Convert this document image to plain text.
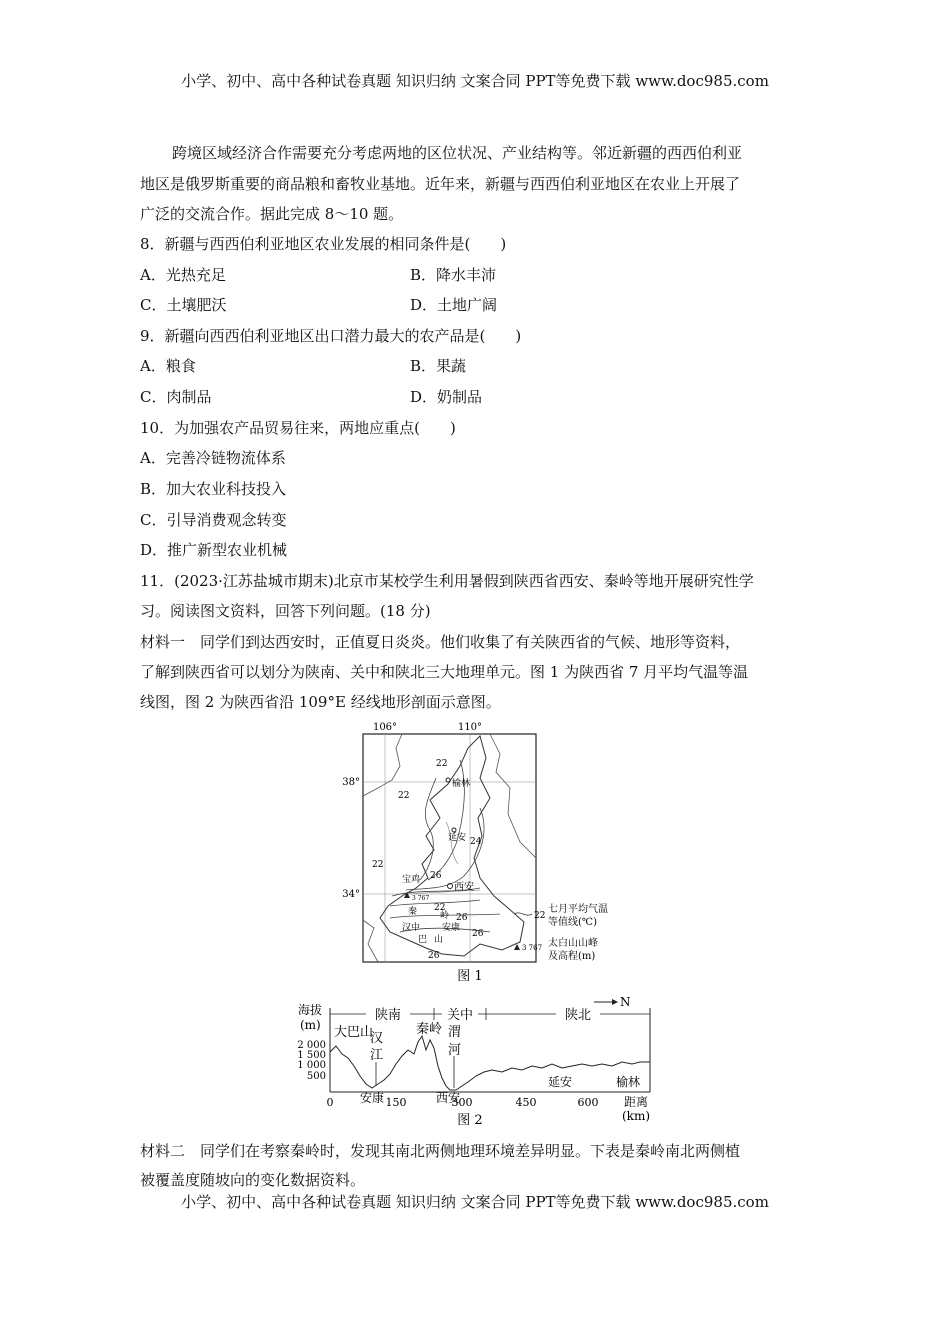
小学、初中、高中各种试卷真题 知识归纳 文案合同 PPT等免费下载 www.doc985.com
跨境区域经济合作需要充分考虑两地的区位状况、产业结构等。邻近新疆的西西伯利亚
地区是俄罗斯重要的商品粮和畜牧业基地。近年来，新疆与西西伯利亚地区在农业上开展了
广泛的交流合作。据此完成 8～10 题。
8．新疆与西西伯利亚地区农业发展的相同条件是(　　)
A．光热充足	B．降水丰沛
C．土壤肥沃	D．土地广阔
9．新疆向西西伯利亚地区出口潜力最大的农产品是(　　)
A．粮食	B．果蔬
C．肉制品	D．奶制品
10．为加强农产品贸易往来，两地应重点(　　)
A．完善冷链物流体系
B．加大农业科技投入
C．引导消费观念转变
D．推广新型农业机械
11．(2023·江苏盐城市期末)北京市某校学生利用暑假到陕西省西安、秦岭等地开展研究性学
习。阅读图文资料，回答下列问题。(18 分)
材料一　同学们到达西安时，正值夏日炎炎。他们收集了有关陕西省的气候、地形等资料，
了解到陕西省可以划分为陕南、关中和陕北三大地理单元。图 1 为陕西省 7 月平均气温等温
线图，图 2 为陕西省沿 109°E 经线地形剖面示意图。
106°	110°
38°
34°
22
22
22
24
26
22
26
26
26
榆林
延安
宝鸡
西安
3 767
秦	岭
汉中 安康
巴 山
22
七月平均气温
等值线(℃)
3 767 太白山山峰
及高程(m)
图 1
海拔
(m)
2 000
1 500
1 000
500
陕南	关中	陕北
N
大巴山
汉
江
秦岭 渭
河
安康	西安
延安	榆林
0	150	300	450	600 距离
(km)
图 2
材料二　同学们在考察秦岭时，发现其南北两侧地理环境差异明显。下表是秦岭南北两侧植
被覆盖度随坡向的变化数据资料。
小学、初中、高中各种试卷真题 知识归纳 文案合同 PPT等免费下载 www.doc985.com
